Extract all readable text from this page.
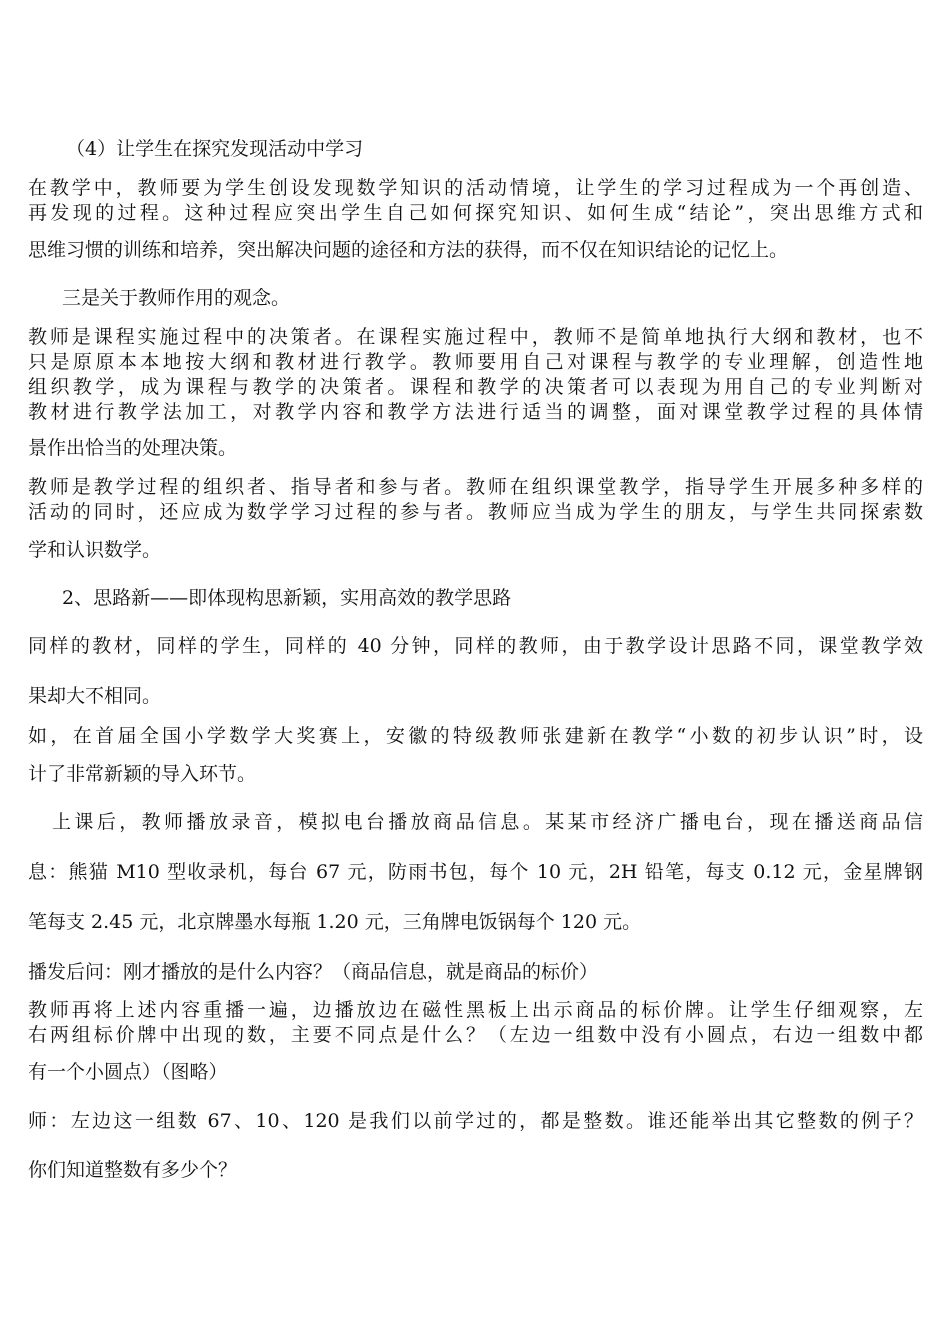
（4）让学生在探究发现活动中学习
在教学中，教师要为学生创设发现数学知识的活动情境，让学生的学习过程成为一个再创造、
再发现的过程。这种过程应突出学生自己如何探究知识、如何生成“结论”，突出思维方式和
思维习惯的训练和培养，突出解决问题的途径和方法的获得，而不仅在知识结论的记忆上。
三是关于教师作用的观念。
教师是课程实施过程中的决策者。在课程实施过程中，教师不是简单地执行大纲和教材，也不
只是原原本本地按大纲和教材进行教学。教师要用自己对课程与教学的专业理解，创造性地
组织教学，成为课程与教学的决策者。课程和教学的决策者可以表现为用自己的专业判断对
教材进行教学法加工，对教学内容和教学方法进行适当的调整，面对课堂教学过程的具体情
景作出恰当的处理决策。
教师是教学过程的组织者、指导者和参与者。教师在组织课堂教学，指导学生开展多种多样的
活动的同时，还应成为数学学习过程的参与者。教师应当成为学生的朋友，与学生共同探索数
学和认识数学。
2、思路新——即体现构思新颖，实用高效的教学思路
同样的教材，同样的学生，同样的 40 分钟，同样的教师，由于教学设计思路不同，课堂教学效
果却大不相同。
如，在首届全国小学数学大奖赛上，安徽的特级教师张建新在教学“小数的初步认识”时，设
计了非常新颖的导入环节。
上课后，教师播放录音，模拟电台播放商品信息。某某市经济广播电台，现在播送商品信
息：熊猫 M10 型收录机，每台 67 元，防雨书包，每个 10 元，2H 铅笔，每支 0.12 元，金星牌钢
笔每支 2.45 元，北京牌墨水每瓶 1.20 元，三角牌电饭锅每个 120 元。
播发后问：刚才播放的是什么内容？（商品信息，就是商品的标价）
教师再将上述内容重播一遍，边播放边在磁性黑板上出示商品的标价牌。让学生仔细观察，左
右两组标价牌中出现的数，主要不同点是什么？（左边一组数中没有小圆点，右边一组数中都
有一个小圆点）（图略）
师：左边这一组数 67、10、120 是我们以前学过的，都是整数。谁还能举出其它整数的例子？
你们知道整数有多少个？
